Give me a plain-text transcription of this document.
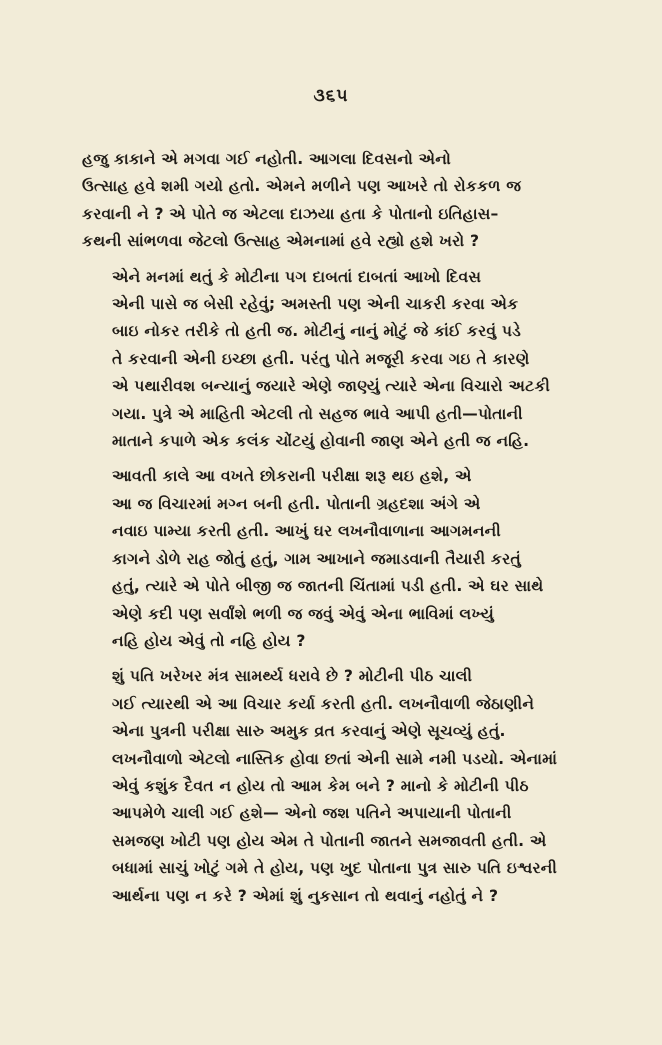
૩૬૫

હજુ કાકાને એ મગવા ગઈ નહોતી. આગલા દિવસનો એનો
ઉત્સાહ હવે શમી ગયો હતો. એમને મળીને પણ આખરે તો રોકકળ જ
કરવાની ને ? એ પોતે જ એટલા દાઝયા હતા કે પોતાનો ઇતિહાસ–
કથની સાંભળવા જેટલો ઉત્સાહ એમનામાં હવે રહ્યો હશે ખરો ?

એને મનમાં થતું કે મોટીના પગ દાબતાં દાબતાં આખો દિવસ
એની પાસે જ બેસી રહેવું; અમસ્તી પણ એની ચાકરી કરવા એક
બાઇ નોકર તરીકે તો હતી જ. મોટીનું નાનું મોટું જે કાંઈ કરવું પડે
તે કરવાની એની ઇચ્છા હતી. પરંતુ પોતે મજૂરી કરવા ગઇ તે કારણે
એ પથારીવશ બન્યાનું જયારે એણે જાણ્યું ત્યારે એના વિચારો અટકી
ગયા. પુત્રે એ માહિતી એટલી તો સહજ ભાવે આપી હતી—પોતાની
માતાને કપાળે એક કલંક ચોંટયું હોવાની જાણ એને હતી જ નહિ.

આવતી કાલે આ વખતે છોકરાની પરીક્ષા શરૂ થઇ હશે, એ
આ જ વિચારમાં મગ્ન બની હતી. પોતાની ગ્રહદશા અંગે એ
નવાઇ પામ્યા કરતી હતી. આખું ઘર લખનૌવાળાના આગમનની
કાગને ડોળે રાહ જોતું હતું, ગામ આખાને જમાડવાની તૈયારી કરતું
હતું, ત્યારે એ પોતે બીજી જ જાતની ચિંતામાં પડી હતી. એ ઘર સાથે
એણે કદી પણ સર્વાંશે ભળી જ જવું એવું એના ભાવિમાં લખ્યું
નહિ હોય એવું તો નહિ હોય ?

શું પતિ ખરેખર મંત્ર સામર્થ્ય ધરાવે છે ? મોટીની પીઠ ચાલી
ગઈ ત્યારથી એ આ વિચાર કર્યા કરતી હતી. લખનૌવાળી જેઠાણીને
એના પુત્રની પરીક્ષા સારુ અમુક વ્રત કરવાનું એણે સૂચવ્યું હતું.
લખનૌવાળો એટલો નાસ્તિક હોવા છતાં એની સામે નમી પડયો. એનામાં
એવું કશુંક દૈવત ન હોય તો આમ કેમ બને ? માનો કે મોટીની પીઠ
આપમેળે ચાલી ગઈ હશે— એનો જશ પતિને અપાયાની પોતાની
સમજણ ખોટી પણ હોય એમ તે પોતાની જાતને સમજાવતી હતી. એ
બધામાં સાચું ખોટું ગમે તે હોય, પણ ખુદ પોતાના પુત્ર સારુ પતિ ઇશ્વરની
આર્થના પણ ન કરે ? એમાં શું નુકસાન તો થવાનું નહોતું ને ?
